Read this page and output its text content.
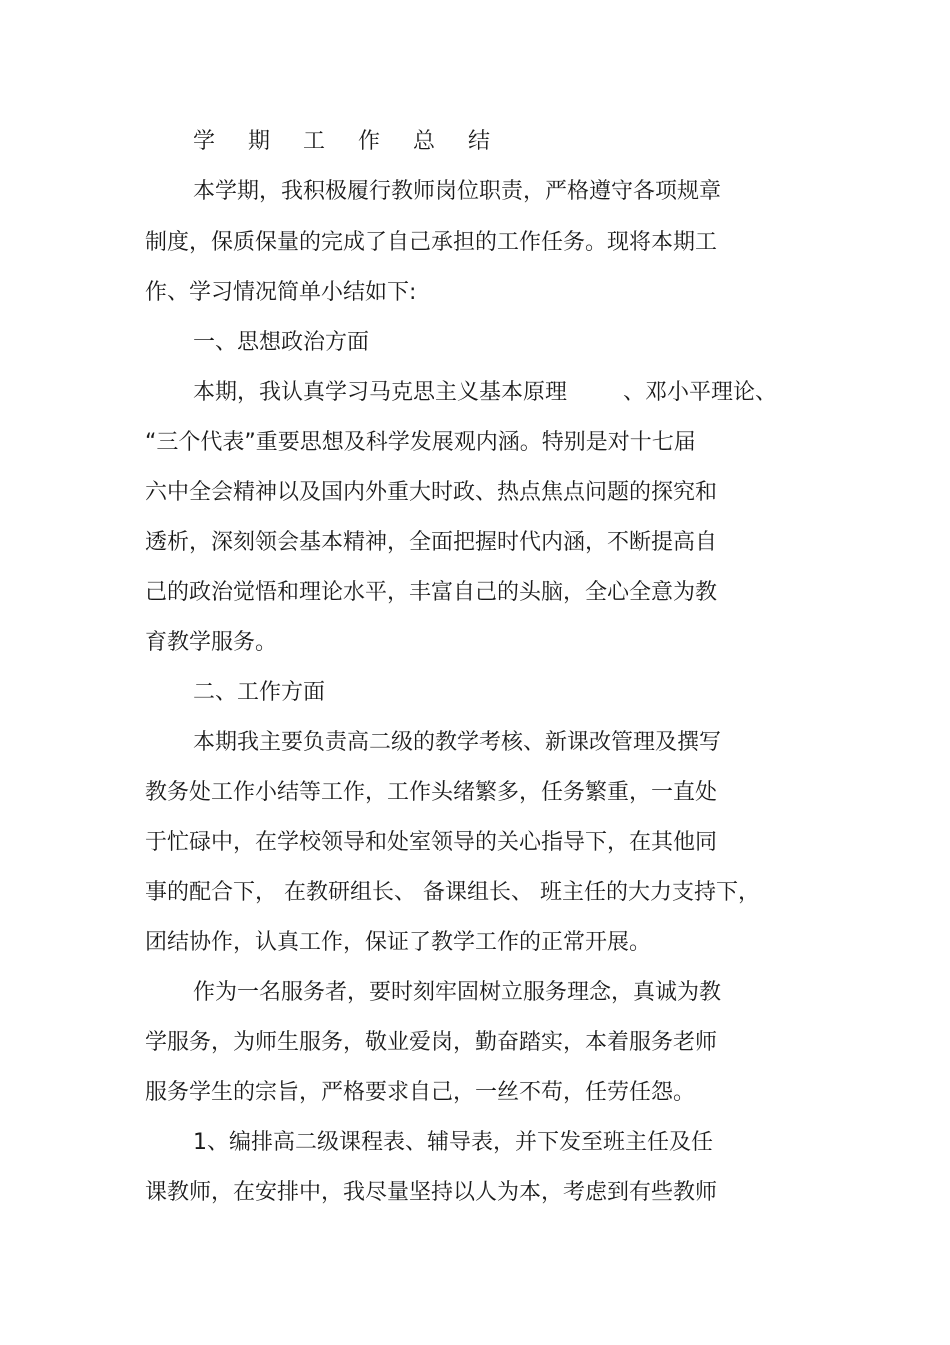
学 期 工 作 总 结
本学期，我积极履行教师岗位职责，严格遵守各项规章
制度，保质保量的完成了自己承担的工作任务。现将本期工
作、学习情况简单小结如下:
一、思想政治方面
本期，我认真学习马克思主义基本原理        、邓小平理论、
“三个代表”重要思想及科学发展观内涵。特别是对十七届
六中全会精神以及国内外重大时政、热点焦点问题的探究和
透析，深刻领会基本精神，全面把握时代内涵，不断提高自
己的政治觉悟和理论水平，丰富自己的头脑，全心全意为教
育教学服务。
二、工作方面
本期我主要负责高二级的教学考核、新课改管理及撰写
教务处工作小结等工作，工作头绪繁多，任务繁重，一直处
于忙碌中，在学校领导和处室领导的关心指导下，在其他同
事的配合下， 在教研组长、 备课组长、 班主任的大力支持下，
团结协作，认真工作，保证了教学工作的正常开展。
作为一名服务者，要时刻牢固树立服务理念，真诚为教
学服务，为师生服务，敬业爱岗，勤奋踏实，本着服务老师
服务学生的宗旨，严格要求自己，一丝不苟，任劳任怨。
1、编排高二级课程表、辅导表，并下发至班主任及任
课教师，在安排中，我尽量坚持以人为本，考虑到有些教师
